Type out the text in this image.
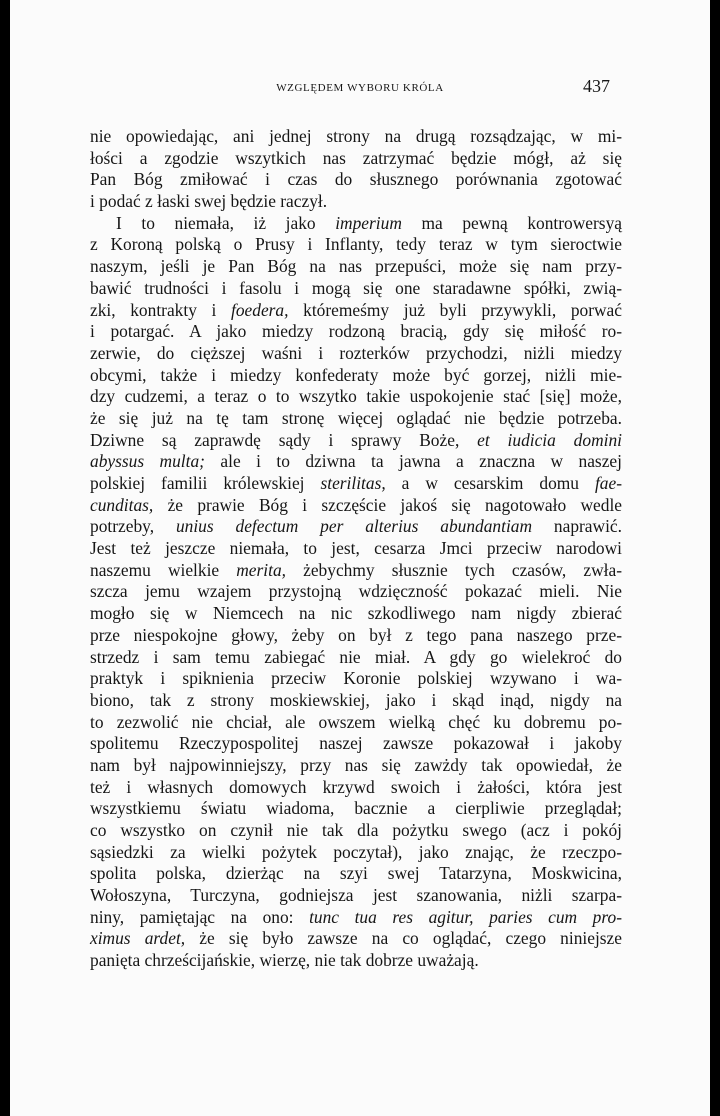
WZGLĘDEM WYBORU KRÓLA	437
nie opowiedając, ani jednej strony na drugą rozsądzając, w mi-
łości a zgodzie wszytkich nas zatrzymać będzie mógł, aż się
Pan Bóg zmiłować i czas do słusznego porównania zgotować
i podać z łaski swej będzie raczył.
I to niemała, iż jako imperium ma pewną kontrowersyą
z Koroną polską o Prusy i Inflanty, tedy teraz w tym sieroctwie
naszym, jeśli je Pan Bóg na nas przepuści, może się nam przy-
bawić trudności i fasolu i mogą się one staradawne spółki, zwią-
zki, kontrakty i foedera, któremeśmy już byli przywykli, porwać
i potargać. A jako miedzy rodzoną bracią, gdy się miłość ro-
zerwie, do cięższej waśni i rozterków przychodzi, niżli miedzy
obcymi, także i miedzy konfederaty może być gorzej, niżli mie-
dzy cudzemi, a teraz o to wszytko takie uspokojenie stać [się] może,
że się już na tę tam stronę więcej oglądać nie będzie potrzeba.
Dziwne są zaprawdę sądy i sprawy Boże, et iudicia domini
abyssus multa; ale i to dziwna ta jawna a znaczna w naszej
polskiej familii królewskiej sterilitas, a w cesarskim domu fae-
cunditas, że prawie Bóg i szczęście jakoś się nagotowało wedle
potrzeby, unius defectum per alterius abundantiam naprawić.
Jest też jeszcze niemała, to jest, cesarza Jmci przeciw narodowi
naszemu wielkie merita, żebychmy słusznie tych czasów, zwła-
szcza jemu wzajem przystojną wdzięczność pokazać mieli. Nie
mogło się w Niemcech na nic szkodliwego nam nigdy zbierać
prze niespokojne głowy, żeby on był z tego pana naszego prze-
strzedz i sam temu zabiegać nie miał. A gdy go wielekroć do
praktyk i spiknienia przeciw Koronie polskiej wzywano i wa-
biono, tak z strony moskiewskiej, jako i skąd inąd, nigdy na
to zezwolić nie chciał, ale owszem wielką chęć ku dobremu po-
spolitemu Rzeczypospolitej naszej zawsze pokazował i jakoby
nam był najpowinniejszy, przy nas się zawżdy tak opowiedał, że
też i własnych domowych krzywd swoich i żałości, która jest
wszystkiemu światu wiadoma, bacznie a cierpliwie przeglądał;
co wszystko on czynił nie tak dla pożytku swego (acz i pokój
sąsiedzki za wielki pożytek poczytał), jako znając, że rzeczpo-
spolita polska, dzierżąc na szyi swej Tatarzyna, Moskwicina,
Wołoszyna, Turczyna, godniejsza jest szanowania, niżli szarpa-
niny, pamiętając na ono: tunc tua res agitur, paries cum pro-
ximus ardet, że się było zawsze na co oglądać, czego niniejsze
panięta chrześcijańskie, wierzę, nie tak dobrze uważają.
